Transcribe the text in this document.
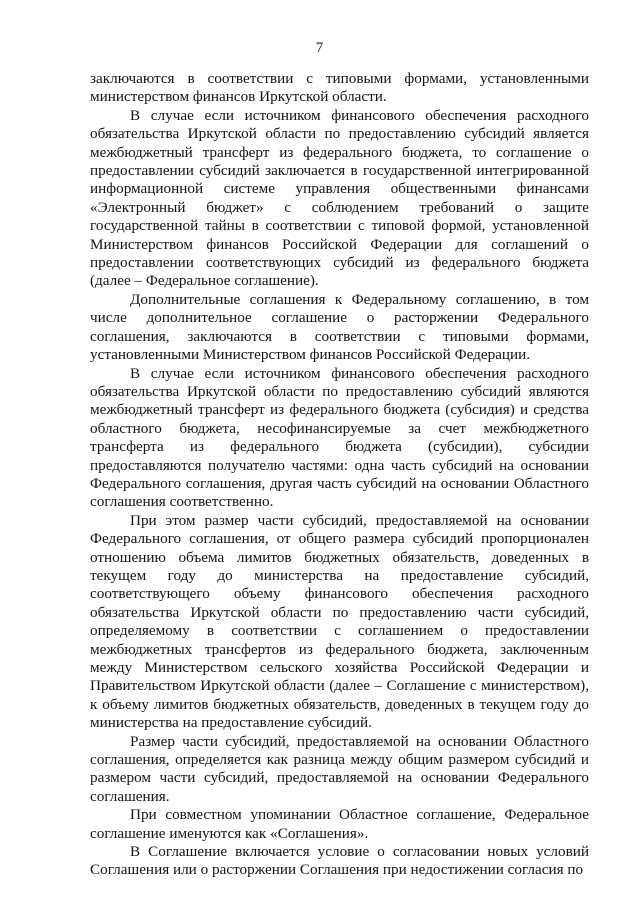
7

заключаются в соответствии с типовыми формами, установленными министерством финансов Иркутской области.

В случае если источником финансового обеспечения расходного обязательства Иркутской области по предоставлению субсидий является межбюджетный трансферт из федерального бюджета, то соглашение о предоставлении субсидий заключается в государственной интегрированной информационной системе управления общественными финансами «Электронный бюджет» с соблюдением требований о защите государственной тайны в соответствии с типовой формой, установленной Министерством финансов Российской Федерации для соглашений о предоставлении соответствующих субсидий из федерального бюджета (далее – Федеральное соглашение).

Дополнительные соглашения к Федеральному соглашению, в том числе дополнительное соглашение о расторжении Федерального соглашения, заключаются в соответствии с типовыми формами, установленными Министерством финансов Российской Федерации.

В случае если источником финансового обеспечения расходного обязательства Иркутской области по предоставлению субсидий являются межбюджетный трансферт из федерального бюджета (субсидия) и средства областного бюджета, несофинансируемые за счет межбюджетного трансферта из федерального бюджета (субсидии), субсидии предоставляются получателю частями: одна часть субсидий на основании Федерального соглашения, другая часть субсидий на основании Областного соглашения соответственно.

При этом размер части субсидий, предоставляемой на основании Федерального соглашения, от общего размера субсидий пропорционален отношению объема лимитов бюджетных обязательств, доведенных в текущем году до министерства на предоставление субсидий, соответствующего объему финансового обеспечения расходного обязательства Иркутской области по предоставлению части субсидий, определяемому в соответствии с соглашением о предоставлении межбюджетных трансфертов из федерального бюджета, заключенным между Министерством сельского хозяйства Российской Федерации и Правительством Иркутской области (далее – Соглашение с министерством), к объему лимитов бюджетных обязательств, доведенных в текущем году до министерства на предоставление субсидий.

Размер части субсидий, предоставляемой на основании Областного соглашения, определяется как разница между общим размером субсидий и размером части субсидий, предоставляемой на основании Федерального соглашения.

При совместном упоминании Областное соглашение, Федеральное соглашение именуются как «Соглашения».

В Соглашение включается условие о согласовании новых условий Соглашения или о расторжении Соглашения при недостижении согласия по
